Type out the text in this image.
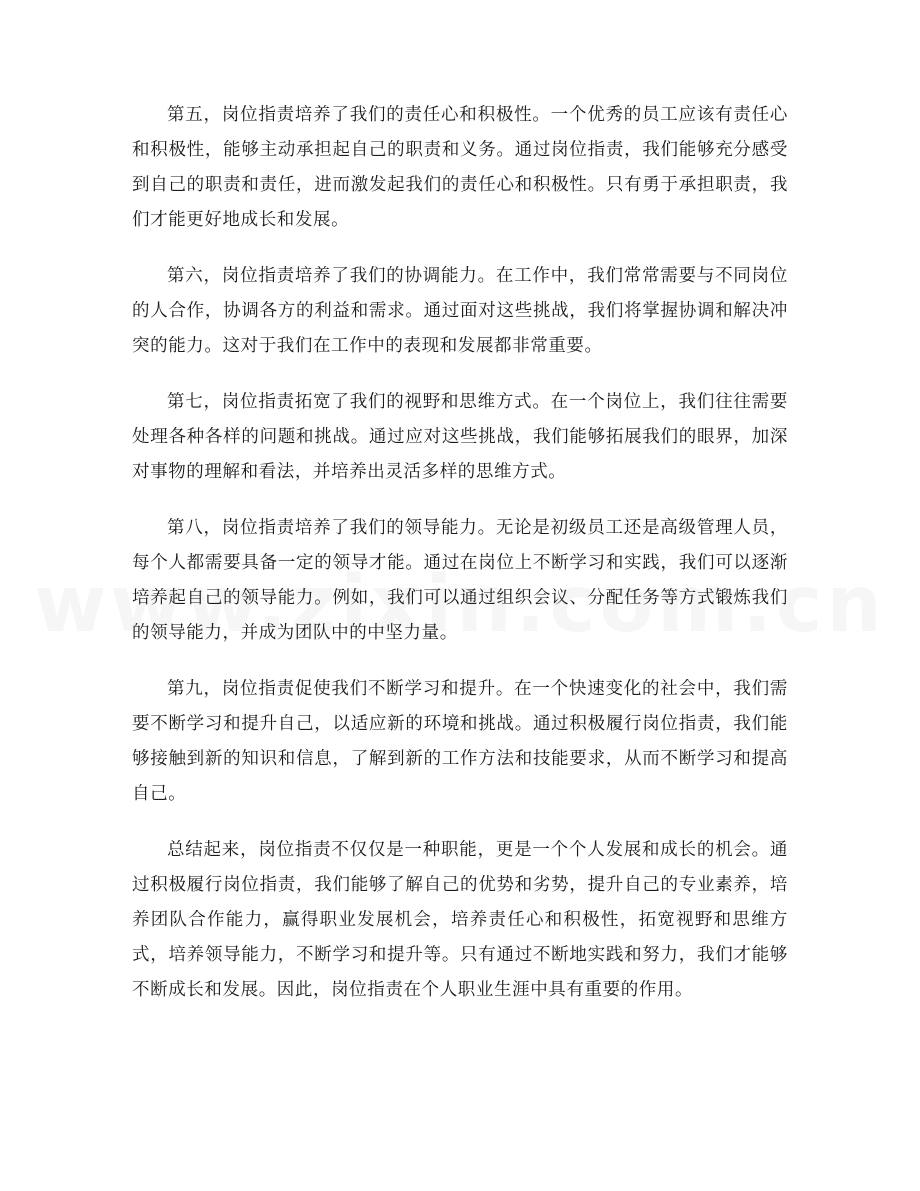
第五，岗位指责培养了我们的责任心和积极性。一个优秀的员工应该有责任心和积极性，能够主动承担起自己的职责和义务。通过岗位指责，我们能够充分感受到自己的职责和责任，进而激发起我们的责任心和积极性。只有勇于承担职责，我们才能更好地成长和发展。

第六，岗位指责培养了我们的协调能力。在工作中，我们常常需要与不同岗位的人合作，协调各方的利益和需求。通过面对这些挑战，我们将掌握协调和解决冲突的能力。这对于我们在工作中的表现和发展都非常重要。

第七，岗位指责拓宽了我们的视野和思维方式。在一个岗位上，我们往往需要处理各种各样的问题和挑战。通过应对这些挑战，我们能够拓展我们的眼界，加深对事物的理解和看法，并培养出灵活多样的思维方式。

第八，岗位指责培养了我们的领导能力。无论是初级员工还是高级管理人员，每个人都需要具备一定的领导才能。通过在岗位上不断学习和实践，我们可以逐渐培养起自己的领导能力。例如，我们可以通过组织会议、分配任务等方式锻炼我们的领导能力，并成为团队中的中坚力量。

第九，岗位指责促使我们不断学习和提升。在一个快速变化的社会中，我们需要不断学习和提升自己，以适应新的环境和挑战。通过积极履行岗位指责，我们能够接触到新的知识和信息，了解到新的工作方法和技能要求，从而不断学习和提高自己。

总结起来，岗位指责不仅仅是一种职能，更是一个个人发展和成长的机会。通过积极履行岗位指责，我们能够了解自己的优势和劣势，提升自己的专业素养，培养团队合作能力，赢得职业发展机会，培养责任心和积极性，拓宽视野和思维方式，培养领导能力，不断学习和提升等。只有通过不断地实践和努力，我们才能够不断成长和发展。因此，岗位指责在个人职业生涯中具有重要的作用。
